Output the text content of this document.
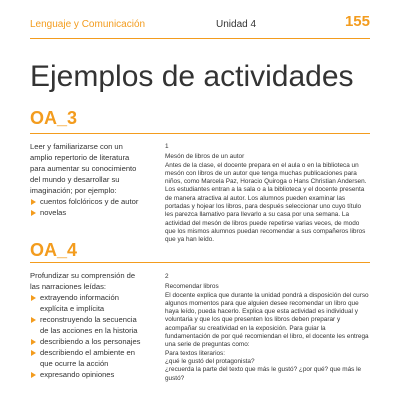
Lenguaje y Comunicación	Unidad 4	155
Ejemplos de actividades
OA_3

Leer y familiarizarse con un amplio repertorio de literatura para aumentar su conocimiento del mundo y desarrollar su imaginación; por ejemplo:

cuentos folclóricos y de autor
novelas

1

Mesón de libros de un autor

Antes de la clase, el docente prepara en el aula o en la biblioteca un mesón con libros de un autor que tenga muchas publicaciones para niños, como Marcela Paz, Horacio Quiroga o Hans Christian Andersen. Los estudiantes entran a la sala o a la biblioteca y el docente presenta de manera atractiva al autor. Los alumnos pueden examinar las portadas y hojear los libros, para después seleccionar uno cuyo título les parezca llamativo para llevarlo a su casa por una semana. La actividad del mesón de libros puede repetirse varias veces, de modo que los mismos alumnos puedan recomendar a sus compañeros libros que ya han leído.

OA_4

Profundizar su comprensión de las narraciones leídas:

extrayendo información explícita e implícita
reconstruyendo la secuencia de las acciones en la historia
describiendo a los personajes
describiendo el ambiente en que ocurre la acción
expresando opiniones

2

Recomendar libros

El docente explica que durante la unidad pondrá a disposición del curso algunos momentos para que alguien desee recomendar un libro que haya leído, pueda hacerlo. Explica que esta actividad es individual y voluntaria y que los que presenten los libros deben preparar y acompañar su creatividad en la exposición. Para guiar la fundamentación de por qué recomiendan el libro, el docente les entrega una serie de preguntas como:

Para textos literarios:

¿qué le gustó del protagonista?
¿recuerda la parte del texto que más le gustó? ¿por qué? que más le gustó?
